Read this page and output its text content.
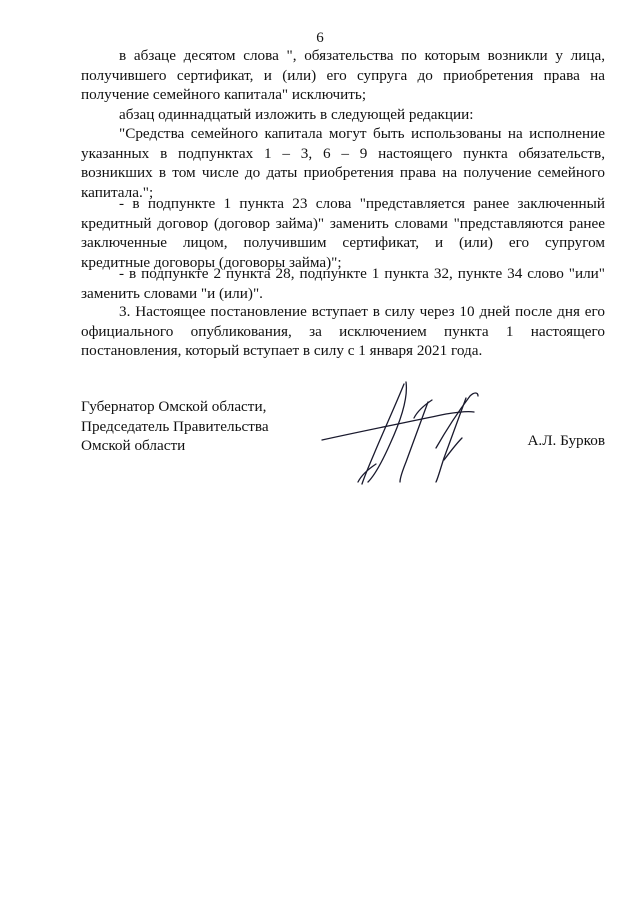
6
в абзаце десятом слова ", обязательства по которым возникли у лица,
получившего сертификат, и (или) его супруга до приобретения права на
получение семейного капитала" исключить;
абзац одиннадцатый изложить в следующей редакции:
"Средства семейного капитала могут быть использованы на исполнение
указанных в подпунктах 1 – 3, 6 – 9 настоящего пункта обязательств,
возникших в том числе до даты приобретения права на получение семейного
капитала.";
- в подпункте 1 пункта 23 слова "представляется ранее заключенный
кредитный договор (договор займа)" заменить словами "представляются ранее
заключенные лицом, получившим сертификат, и (или) его супругом
кредитные договоры (договоры займа)";
- в подпункте 2 пункта 28, подпункте 1 пункта 32, пункте 34 слово "или"
заменить словами "и (или)".
3. Настоящее постановление вступает в силу через 10 дней после дня его
официального опубликования, за исключением пункта 1 настоящего
постановления, который вступает в силу с 1 января 2021 года.
Губернатор Омской области,
Председатель Правительства
Омской области	А.Л. Бурков
